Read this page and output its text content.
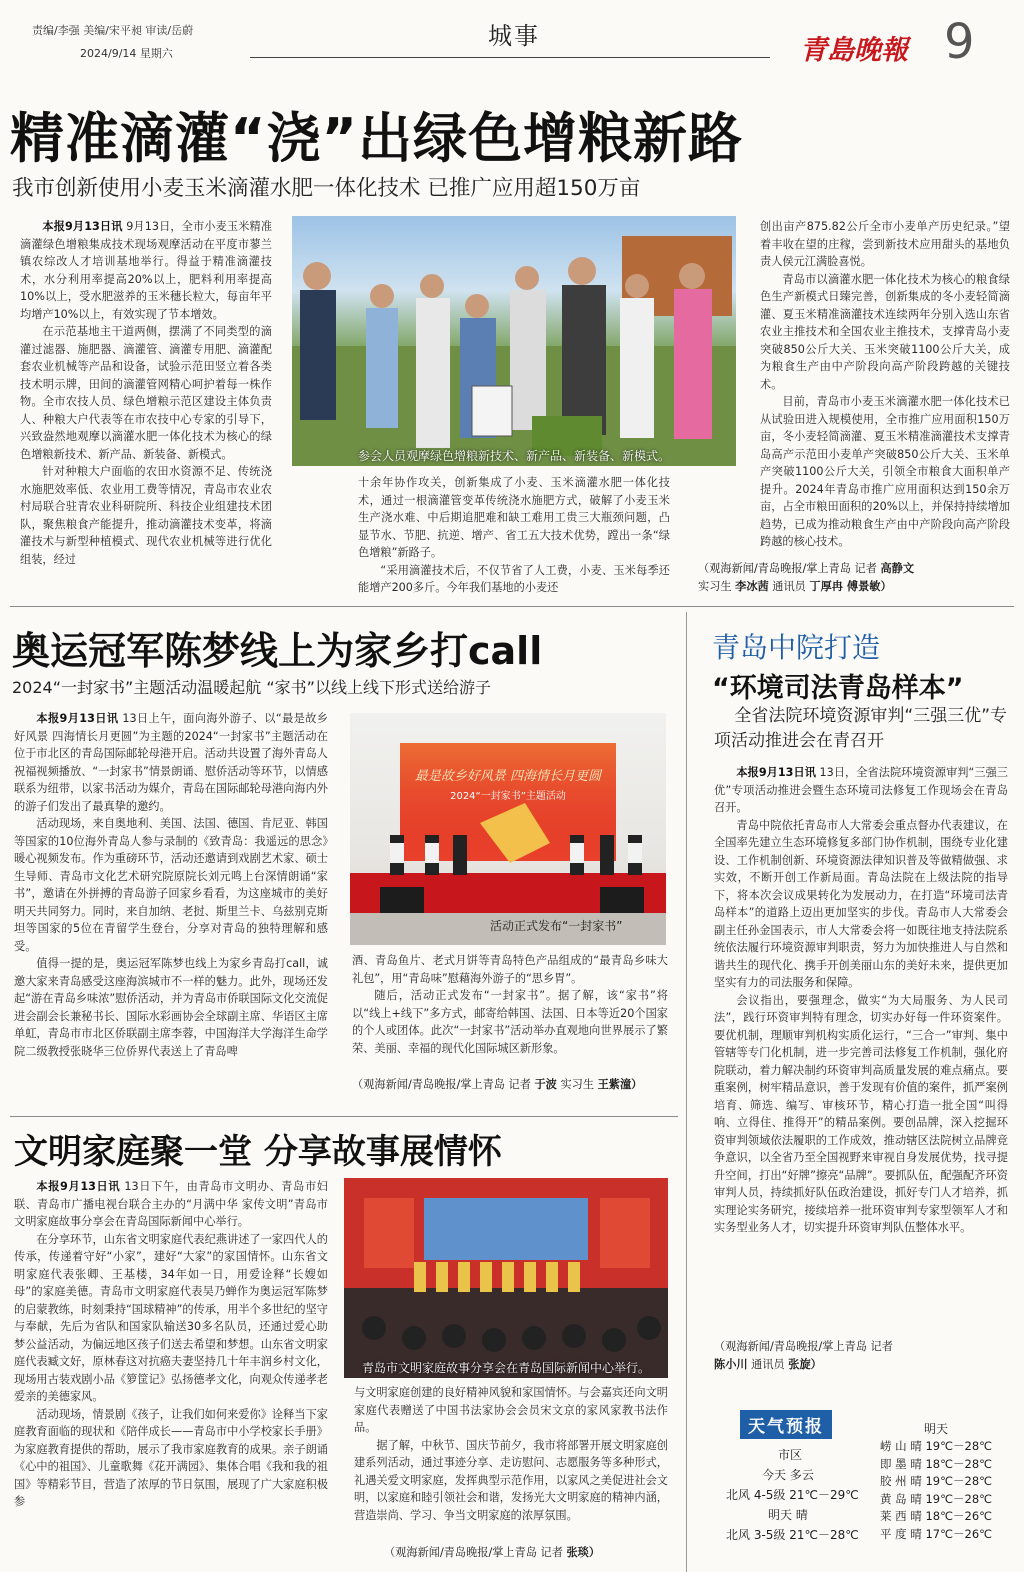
责编/李强 美编/宋平昶 审读/岳蔚
2024/9/14 星期六
城事	青島晚報 9
精准滴灌“浇”出绿色增粮新路
我市创新使用小麦玉米滴灌水肥一体化技术 已推广应用超150万亩

本报9月13日讯 9月13日，全市小麦玉米精准滴灌绿色增粮集成技术现场观摩活动在平度市蓼兰镇农综改人才培训基地举行。得益于精准滴灌技术，水分利用率提高20%以上，肥料利用率提高10%以上，受水肥滋养的玉米穗长粒大，每亩年平均增产10%以上，有效实现了节本增效。

在示范基地主干道两侧，摆满了不同类型的滴灌过滤器、施肥器、滴灌管、滴灌专用肥、滴灌配套农业机械等产品和设备，试验示范田竖立着各类技术明示牌，田间的滴灌管网精心呵护着每一株作物。全市农技人员、绿色增粮示范区建设主体负责人、种粮大户代表等在市农技中心专家的引导下，兴致盎然地观摩以滴灌水肥一体化技术为核心的绿色增粮新技术、新产品、新装备、新模式。

针对种粮大户面临的农田水资源不足、传统浇水施肥效率低、农业用工费等情况，青岛市农业农村局联合驻青农业科研院所、科技企业组建技术团队，聚焦粮食产能提升，推动滴灌技术变革，将滴灌技术与新型种植模式、现代农业机械等进行优化组装，经过

参会人员观摩绿色增粮新技术、新产品、新装备、新模式。

十余年协作攻关，创新集成了小麦、玉米滴灌水肥一体化技术，通过一根滴灌管变革传统浇水施肥方式，破解了小麦玉米生产浇水难、中后期追肥难和缺工难用工贵三大瓶颈问题，凸显节水、节肥、抗逆、增产、省工五大技术优势，蹚出一条“绿色增粮”新路子。

“采用滴灌技术后，不仅节省了人工费，小麦、玉米每季还能增产200多斤。今年我们基地的小麦还

创出亩产875.82公斤全市小麦单产历史纪录。”望着丰收在望的庄稼，尝到新技术应用甜头的基地负责人侯元江满脸喜悦。

青岛市以滴灌水肥一体化技术为核心的粮食绿色生产新模式日臻完善，创新集成的冬小麦轻简滴灌、夏玉米精准滴灌技术连续两年分别入选山东省农业主推技术和全国农业主推技术，支撑青岛小麦突破850公斤大关、玉米突破1100公斤大关，成为粮食生产由中产阶段向高产阶段跨越的关键技术。

目前，青岛市小麦玉米滴灌水肥一体化技术已从试验田进入规模使用，全市推广应用面积150万亩，冬小麦轻简滴灌、夏玉米精准滴灌技术支撑青岛高产示范田小麦单产突破850公斤大关、玉米单产突破1100公斤大关，引领全市粮食大面积单产提升。2024年青岛市推广应用面积达到150余万亩，占全市粮田面积的20%以上，并保持持续增加趋势，已成为推动粮食生产由中产阶段向高产阶段跨越的核心技术。

（观海新闻/青岛晚报/掌上青岛 记者 高静文
实习生 李冰茜 通讯员 丁厚冉 傅景敏）
奥运冠军陈梦线上为家乡打call
2024“一封家书”主题活动温暖起航 “家书”以线上线下形式送给游子

本报9月13日讯 13日上午，面向海外游子、以“最是故乡好风景 四海情长月更圆”为主题的2024“一封家书”主题活动在位于市北区的青岛国际邮轮母港开启。活动共设置了海外青岛人祝福视频播放、“一封家书”情景朗诵、慰侨活动等环节，以情感联系为纽带，以家书活动为媒介，青岛在国际邮轮母港向海内外的游子们发出了最真挚的邀约。

活动现场，来自奥地利、美国、法国、德国、肯尼亚、韩国等国家的10位海外青岛人参与录制的《致青岛：我遥远的思念》暖心视频发布。作为重磅环节，活动还邀请到戏剧艺术家、硕士生导师、青岛市文化艺术研究院原院长刘元鸣上台深情朗诵“家书”，邀请在外拼搏的青岛游子回家乡看看，为这座城市的美好明天共同努力。同时，来自加纳、老挝、斯里兰卡、乌兹别克斯坦等国家的5位在青留学生登台，分享对青岛的独特理解和感受。

值得一提的是，奥运冠军陈梦也线上为家乡青岛打call，诚邀大家来青岛感受这座海滨城市不一样的魅力。此外，现场还发起“游在青岛乡味浓”慰侨活动，并为青岛市侨联国际文化交流促进会副会长兼秘书长、国际水彩画协会全球副主席、华语区主席单虹，青岛市市北区侨联副主席李蓉，中国海洋大学海洋生命学院二级教授张晓华三位侨界代表送上了青岛啤

最是故乡好风景 四海情长月更圆
2024“一封家书”主题活动
活动正式发布“一封家书”

酒、青岛鱼片、老式月饼等青岛特色产品组成的“最青岛乡味大礼包”，用“青岛味”慰藉海外游子的“思乡胃”。

随后，活动正式发布“一封家书”。据了解，该“家书”将以“线上+线下”多方式，邮寄给韩国、法国、日本等近20个国家的个人或团体。此次“一封家书”活动举办直观地向世界展示了繁荣、美丽、幸福的现代化国际城区新形象。

（观海新闻/青岛晚报/掌上青岛 记者 于波 实习生 王紫潼）
文明家庭聚一堂 分享故事展情怀

本报9月13日讯 13日下午，由青岛市文明办、青岛市妇联、青岛市广播电视台联合主办的“月满中华 家传文明”青岛市文明家庭故事分享会在青岛国际新闻中心举行。

在分享环节，山东省文明家庭代表纪燕讲述了一家四代人的传承，传递着守好“小家”，建好“大家”的家国情怀。山东省文明家庭代表张卿、王基楼，34年如一日，用爱诠释“长嫂如母”的家庭美德。青岛市文明家庭代表吴乃蝉作为奥运冠军陈梦的启蒙教练，时刻秉持“国球精神”的传承，用半个多世纪的坚守与奉献，先后为省队和国家队输送30多名队员，还通过爱心助梦公益活动，为偏远地区孩子们送去希望和梦想。山东省文明家庭代表臧文好，原林春这对抗癌夫妻坚持几十年丰润乡村文化，现场用古装戏剧小品《箩筐记》弘扬德孝文化，向观众传递孝老爱亲的美德家风。

活动现场，情景剧《孩子，让我们如何来爱你》诠释当下家庭教育面临的现状和《陪伴成长——青岛市中小学校家长手册》为家庭教育提供的帮助，展示了我市家庭教育的成果。亲子朗诵《心中的祖国》、儿童歌舞《花开满园》、集体合唱《我和我的祖国》等精彩节目，营造了浓厚的节日氛围，展现了广大家庭积极参

青岛市文明家庭故事分享会在青岛国际新闻中心举行。

与文明家庭创建的良好精神风貌和家国情怀。与会嘉宾还向文明家庭代表赠送了中国书法家协会会员宋文京的家风家教书法作品。

据了解，中秋节、国庆节前夕，我市将部署开展文明家庭创建系列活动，通过事迹分享、走访慰问、志愿服务等多种形式，礼遇关爱文明家庭，发挥典型示范作用，以家风之美促进社会文明，以家庭和睦引领社会和谐，发扬光大文明家庭的精神内涵，营造崇尚、学习、争当文明家庭的浓厚氛围。

（观海新闻/青岛晚报/掌上青岛 记者 张琰）
青岛中院打造
“环境司法青岛样本”
全省法院环境资源审判“三强三优”专项活动推进会在青召开

本报9月13日讯 13日，全省法院环境资源审判“三强三优”专项活动推进会暨生态环境司法修复工作现场会在青岛召开。

青岛中院依托青岛市人大常委会重点督办代表建议，在全国率先建立生态环境修复多部门协作机制，围绕专业化建设、工作机制创新、环境资源法律知识普及等做精做强、求实效，不断开创工作新局面。青岛法院在上级法院的指导下，将本次会议成果转化为发展动力，在打造“环境司法青岛样本”的道路上迈出更加坚实的步伐。青岛市人大常委会副主任孙金国表示，市人大常委会将一如既往地支持法院系统依法履行环境资源审判职责，努力为加快推进人与自然和谐共生的现代化、携手开创美丽山东的美好未来，提供更加坚实有力的司法服务和保障。

会议指出，要强理念，做实“为大局服务、为人民司法”，践行环资审判特有理念，切实办好每一件环资案件。要优机制，理顺审判机构实质化运行，“三合一”审判、集中管辖等专门化机制，进一步完善司法修复工作机制，强化府院联动，着力解决制约环资审判高质量发展的难点痛点。要重案例，树牢精品意识，善于发现有价值的案件，抓严案例培育、筛选、编写、审核环节，精心打造一批全国“叫得响、立得住、推得开”的精品案例。要创品牌，深入挖掘环资审判领域依法履职的工作成效，推动辖区法院树立品牌竞争意识，以全省乃至全国视野来审视自身发展优势，找寻提升空间，打出“好牌”擦亮“品牌”。要抓队伍，配强配齐环资审判人员，持续抓好队伍政治建设，抓好专门人才培养，抓实理论实务研究，接续培养一批环资审判专家型领军人才和实务型业务人才，切实提升环资审判队伍整体水平。

（观海新闻/青岛晚报/掌上青岛 记者
陈小川 通讯员 张旋）
天气预报
市区
今天 多云
北风 4-5级 21℃－29℃
明天 晴
北风 3-5级 21℃－28℃
明天
崂 山 晴 19℃－28℃
即 墨 晴 18℃－28℃
胶 州 晴 19℃－28℃
黄 岛 晴 19℃－28℃
莱 西 晴 18℃－26℃
平 度 晴 17℃－26℃
